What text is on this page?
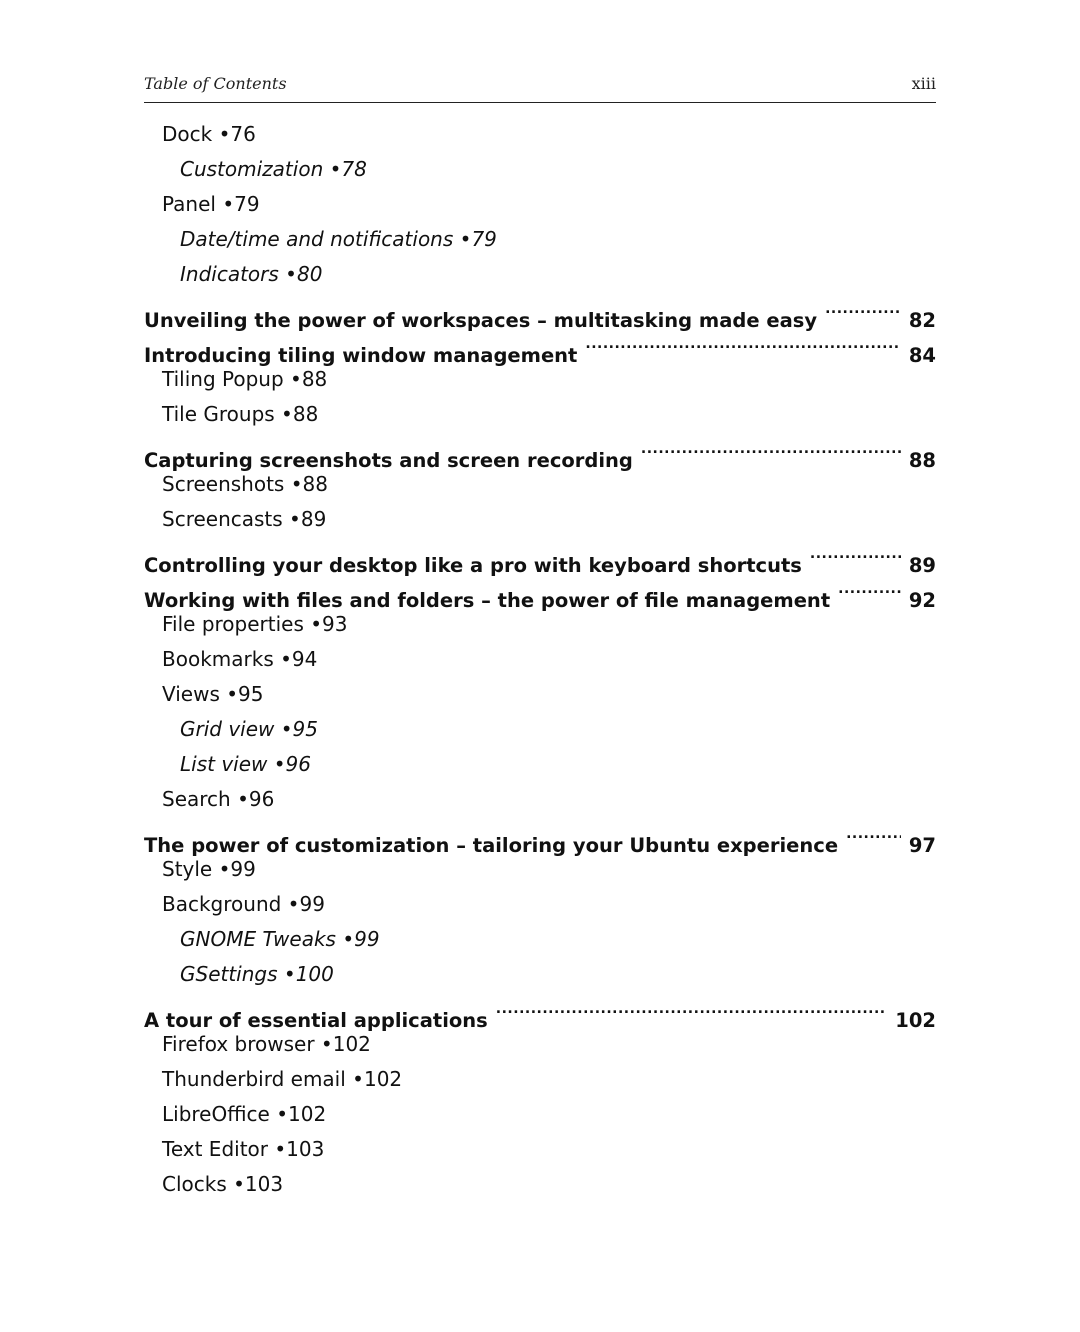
Table of Contents	xiii
Dock • 76
Customization • 78
Panel • 79
Date/time and notifications • 79
Indicators • 80
Unveiling the power of workspaces – multitasking made easy .....	82
Introducing tiling window management .....	84
Tiling Popup • 88
Tile Groups • 88
Capturing screenshots and screen recording .....	88
Screenshots • 88
Screencasts • 89
Controlling your desktop like a pro with keyboard shortcuts .....	89
Working with files and folders – the power of file management .....	92
File properties • 93
Bookmarks • 94
Views • 95
Grid view • 95
List view • 96
Search • 96
The power of customization – tailoring your Ubuntu experience .....	97
Style • 99
Background • 99
GNOME Tweaks • 99
GSettings • 100
A tour of essential applications .....	102
Firefox browser • 102
Thunderbird email • 102
LibreOffice • 102
Text Editor • 103
Clocks • 103
